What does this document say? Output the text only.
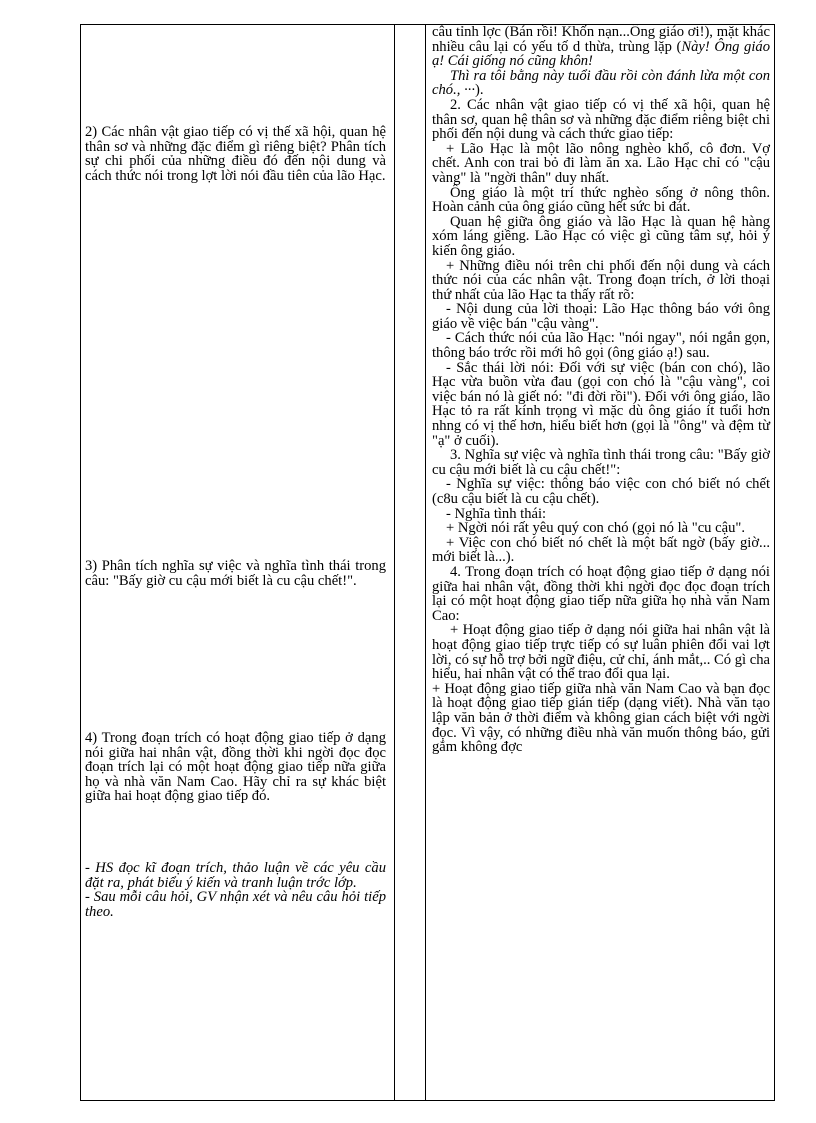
2) Các nhân vật giao tiếp có vị thế xã hội, quan hệ thân sơ và những đặc điểm gì riêng biệt? Phân tích sự chi phối của những điều đó đến nội dung và cách thức nói trong lợt lời nói đầu tiên của lão Hạc.

3) Phân tích nghĩa sự việc và nghĩa tình thái trong câu: "Bấy giờ cu cậu mới biết là cu cậu chết!".

4) Trong đoạn trích có hoạt động giao tiếp ở dạng nói giữa hai nhân vật, đồng thời khi ngời đọc đọc đoạn trích lại có một hoạt động giao tiếp nữa giữa họ và nhà văn Nam Cao. Hãy chỉ ra sự khác biệt giữa hai hoạt động giao tiếp đó.

- HS đọc kĩ đoạn trích, thảo luận về các yêu cầu đặt ra, phát biểu ý kiến và tranh luận trớc lớp.

- Sau mỗi câu hỏi, GV nhận xét và nêu câu hỏi tiếp theo.

câu tỉnh lợc (Bán rồi! Khốn nạn...Ông giáo ơi!), mặt khác nhiều câu lại có yếu tố d thừa, trùng lặp (Này! Ông giáo ạ! Cái giống nó cũng khôn!

Thì ra tôi bằng này tuổi đầu rồi còn đánh lừa một con chó., ···).

2. Các nhân vật giao tiếp có vị thế xã hội, quan hệ thân sơ, quan hệ thân sơ và những đặc điểm riêng biệt chi phối đến nội dung và cách thức giao tiếp:

+ Lão Hạc là một lão nông nghèo khổ, cô đơn. Vợ chết. Anh con trai bỏ đi làm ăn xa. Lão Hạc chỉ có "cậu vàng" là "ngời thân" duy nhất.

Ông giáo là một trí thức nghèo sống ở nông thôn. Hoàn cảnh của ông giáo cũng hết sức bi đát.

Quan hệ giữa ông giáo và lão Hạc là quan hệ hàng xóm láng giềng. Lão Hạc có việc gì cũng tâm sự, hỏi ý kiến ông giáo.

+ Những điều nói trên chi phối đến nội dung và cách thức nói của các nhân vật. Trong đoạn trích, ở lời thoại thứ nhất của lão Hạc ta thấy rất rõ:

- Nội dung của lời thoại: Lão Hạc thông báo với ông giáo về việc bán "cậu vàng".

- Cách thức nói của lão Hạc: "nói ngay", nói ngắn gọn, thông báo trớc rồi mới hô gọi (ông giáo ạ!) sau.

- Sắc thái lời nói: Đối với sự việc (bán con chó), lão Hạc vừa buồn vừa đau (gọi con chó là "cậu vàng", coi việc bán nó là giết nó: "đi đời rồi"). Đối với ông giáo, lão Hạc tỏ ra rất kính trọng vì mặc dù ông giáo ít tuổi hơn nhng có vị thế hơn, hiểu biết hơn (gọi là "ông" và đệm từ "ạ" ở cuối).

3. Nghĩa sự việc và nghĩa tình thái trong câu: "Bấy giờ cu cậu mới biết là cu cậu chết!":

- Nghĩa sự việc: thông báo việc con chó biết nó chết (c8u cậu biết là cu cậu chết).

- Nghĩa tình thái:

+ Ngời nói rất yêu quý con chó (gọi nó là "cu cậu".

+ Việc con chó biết nó chết là một bất ngờ (bấy giờ... mới biết là...).

4. Trong đoạn trích có hoạt động giao tiếp ở dạng nói giữa hai nhân vật, đồng thời khi ngời đọc đọc đoạn trích lại có một hoạt động giao tiếp nữa giữa họ nhà văn Nam Cao:

+ Hoạt động giao tiếp ở dạng nói giữa hai nhân vật là hoạt động giao tiếp trực tiếp có sự luân phiên đổi vai lợt lời, có sự hỗ trợ bởi ngữ điệu, cử chỉ, ánh mắt,.. Có gì cha hiểu, hai nhân vật có thể trao đổi qua lại.

+ Hoạt động giao tiếp giữa nhà văn Nam Cao và bạn đọc là hoạt động giao tiếp gián tiếp (dạng viết). Nhà văn tạo lập văn bản ở thời điểm và không gian cách biệt với ngời đọc. Vì vậy, có những điều nhà văn muốn thông báo, gửi gắm không đợc
